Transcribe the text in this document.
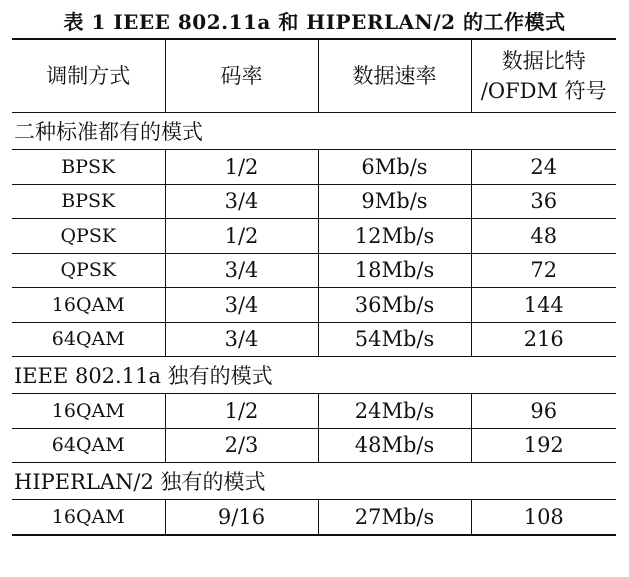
表 1 IEEE 802.11a 和 HIPERLAN/2 的工作模式
调制方式	码率	数据速率	数据比特
/OFDM 符号

二种标准都有的模式			
BPSK	1/2	6Mb/s	24
BPSK	3/4	9Mb/s	36
QPSK	1/2	12Mb/s	48
QPSK	3/4	18Mb/s	72
16QAM	3/4	36Mb/s	144
64QAM	3/4	54Mb/s	216
IEEE 802.11a 独有的模式			
16QAM	1/2	24Mb/s	96
64QAM	2/3	48Mb/s	192
HIPERLAN/2 独有的模式			
16QAM	9/16	27Mb/s	108
